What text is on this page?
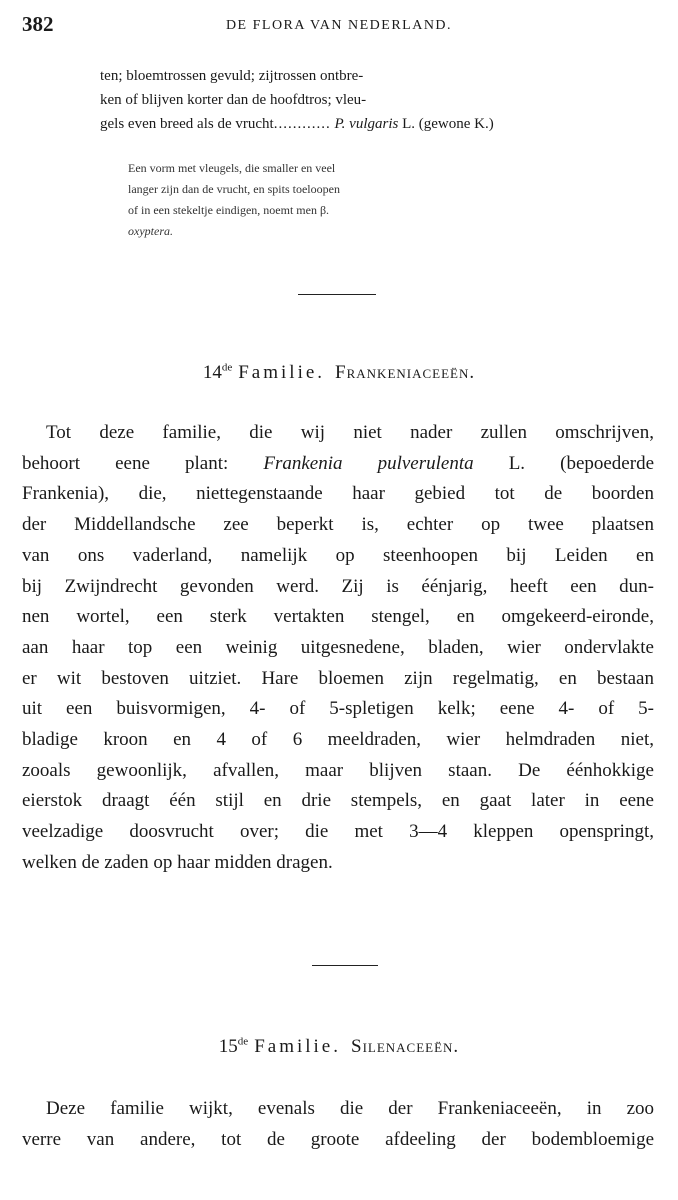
382	DE FLORA VAN NEDERLAND.
ten; bloemtrossen gevuld; zijtrossen ontbre-
ken of blijven korter dan de hoofdtros; vleu-
gels even breed als de vrucht............ P. vulgaris L. (gewone K.)
Een vorm met vleugels, die smaller en veel
langer zijn dan de vrucht, en spits toeloopen
of in een stekeltje eindigen, noemt men β.
oxyptera.
14de Familie. Frankeniaceeën.
Tot deze familie, die wij niet nader zullen omschrijven,
behoort eene plant: Frankenia pulverulenta L. (bepoederde
Frankenia), die, niettegenstaande haar gebied tot de boorden
der Middellandsche zee beperkt is, echter op twee plaatsen
van ons vaderland, namelijk op steenhoopen bij Leiden en
bij Zwijndrecht gevonden werd. Zij is éénjarig, heeft een dun-
nen wortel, een sterk vertakten stengel, en omgekeerd-eironde,
aan haar top een weinig uitgesnedene, bladen, wier ondervlakte
er wit bestoven uitziet. Hare bloemen zijn regelmatig, en bestaan
uit een buisvormigen, 4- of 5-spletigen kelk; eene 4- of 5-
bladige kroon en 4 of 6 meeldraden, wier helmdraden niet,
zooals gewoonlijk, afvallen, maar blijven staan. De éénhokkige
eierstok draagt één stijl en drie stempels, en gaat later in eene
veelzadige doosvrucht over; die met 3—4 kleppen openspringt,
welken de zaden op haar midden dragen.
15de Familie. Silenaceeën.
Deze familie wijkt, evenals die der Frankeniaceeën, in zoo
verre van andere, tot de groote afdeeling der bodembloemige
